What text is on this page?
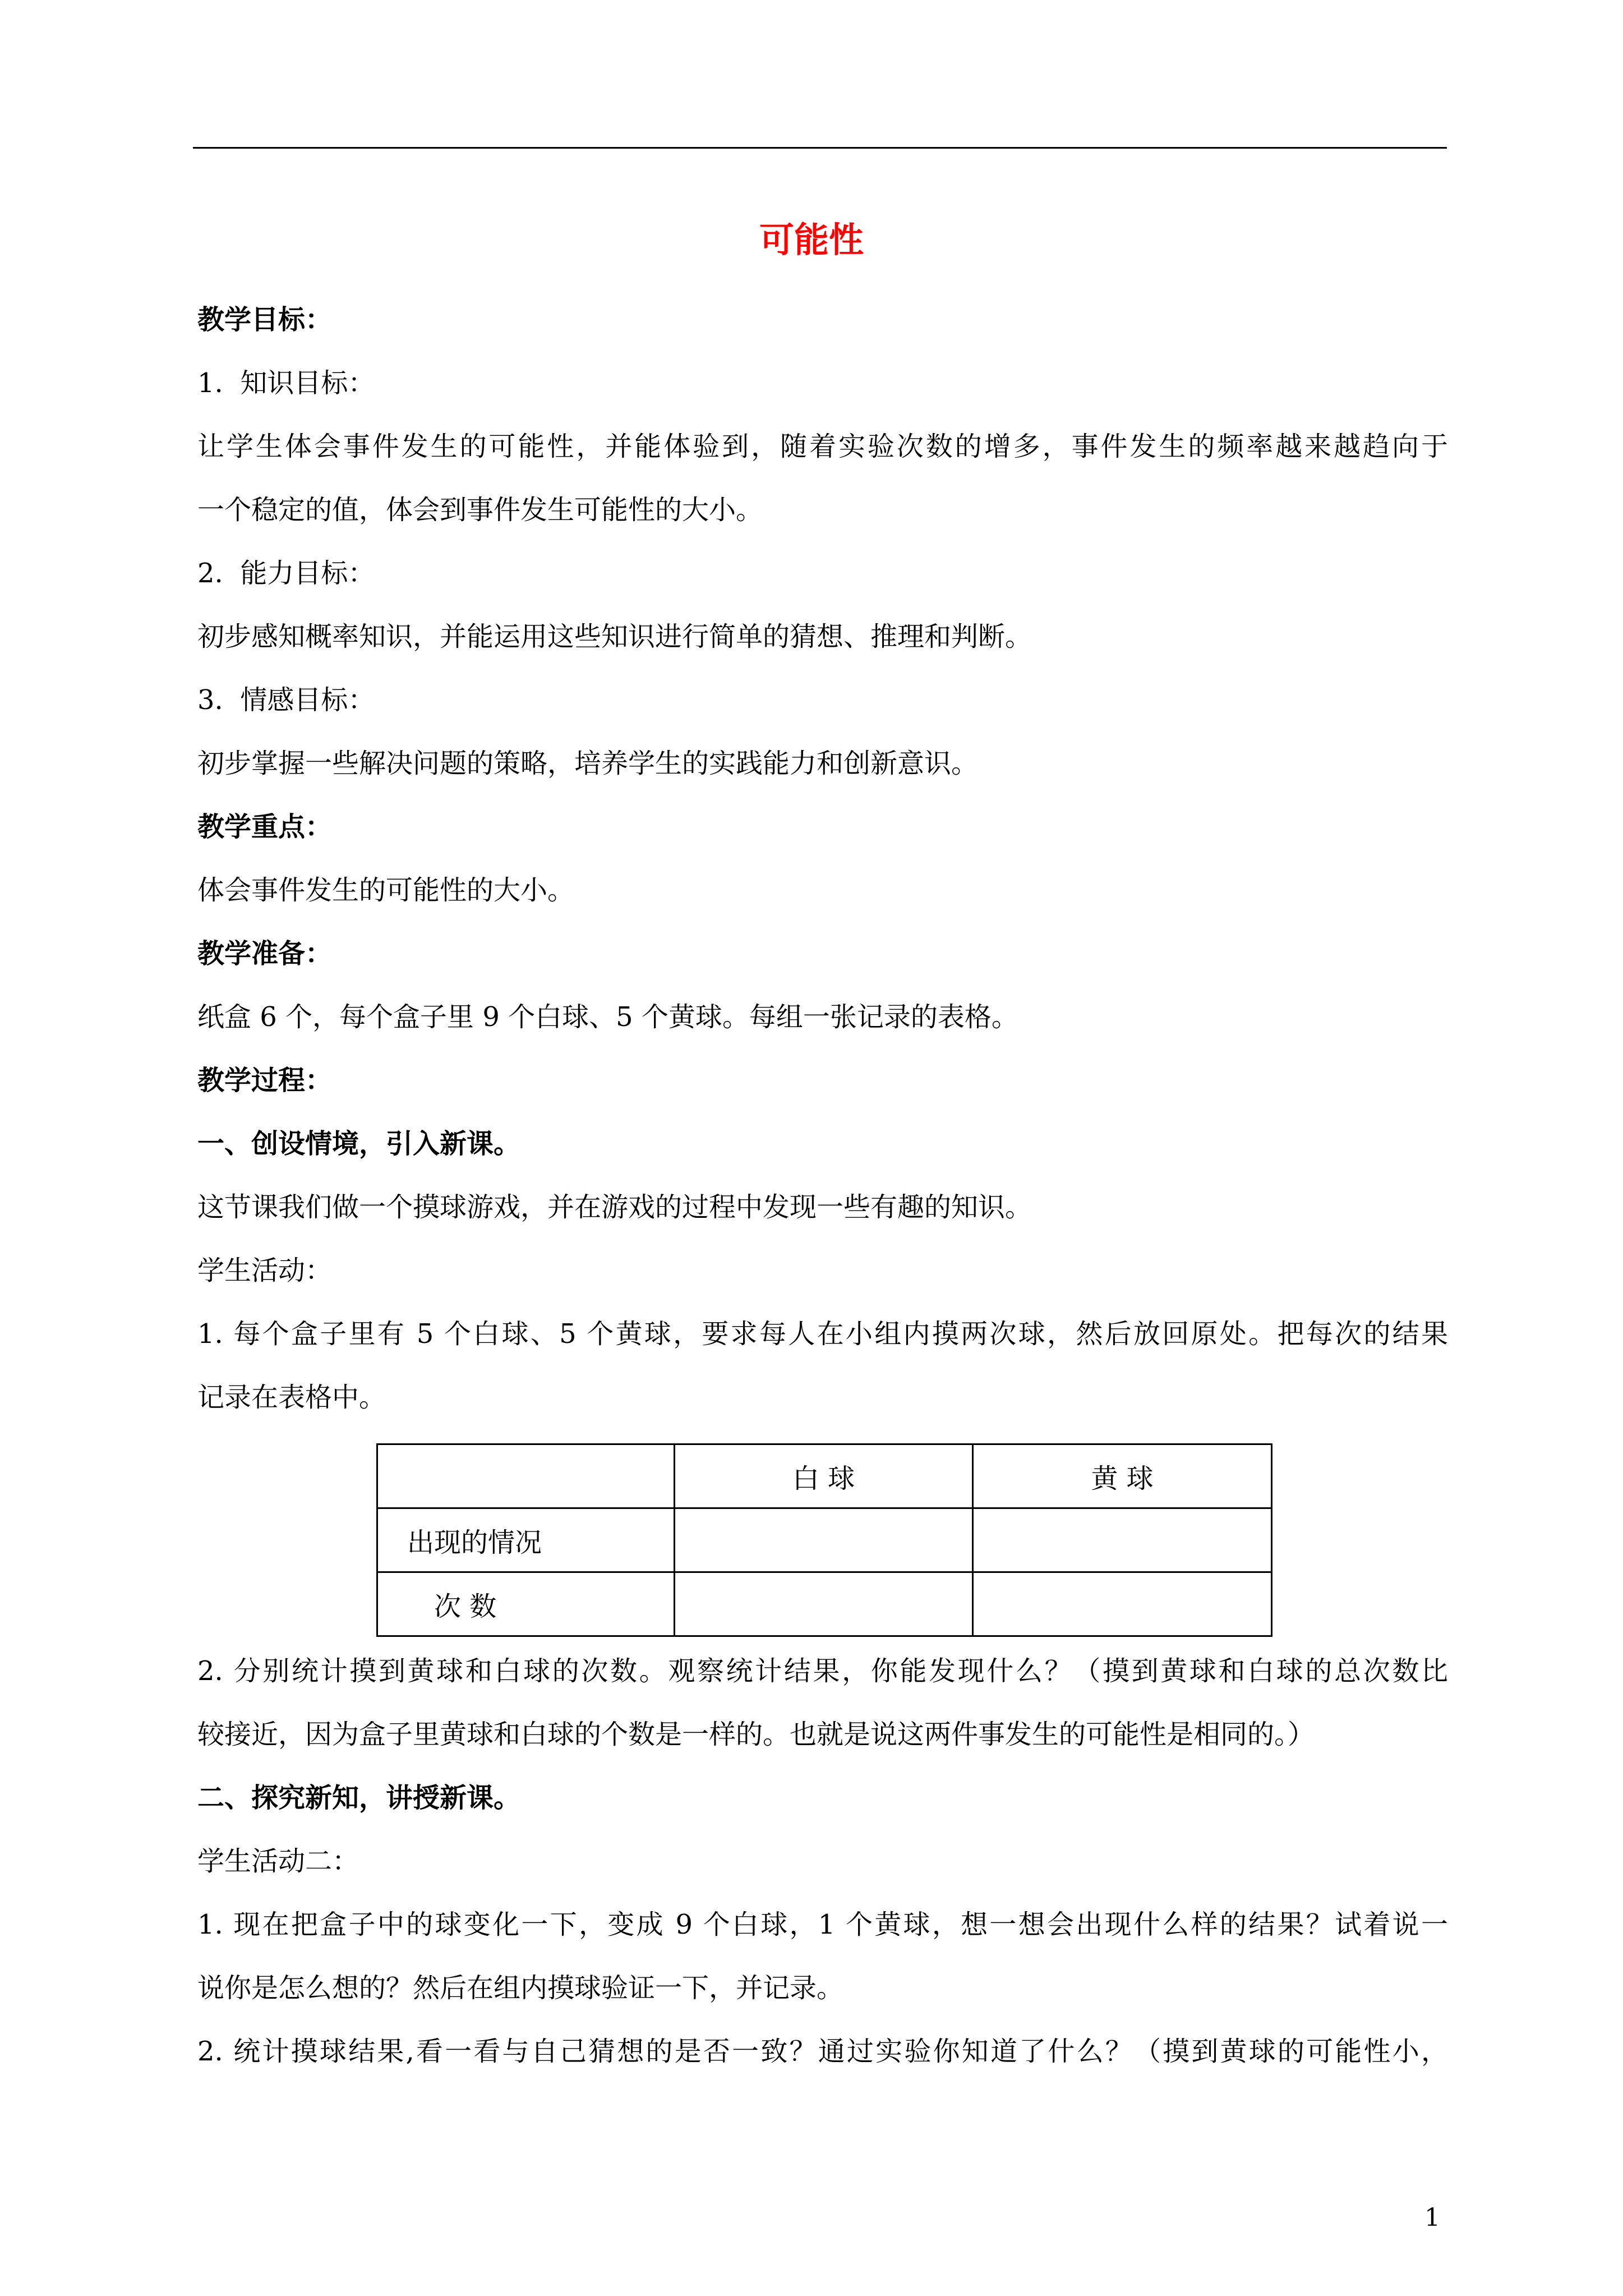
可能性
教学目标：
1.  知识目标：
让学生体会事件发生的可能性，并能体验到，随着实验次数的增多，事件发生的频率越来越趋向于
一个稳定的值，体会到事件发生可能性的大小。
2.  能力目标：
初步感知概率知识，并能运用这些知识进行简单的猜想、推理和判断。
3.  情感目标：
初步掌握一些解决问题的策略，培养学生的实践能力和创新意识。
教学重点：
体会事件发生的可能性的大小。
教学准备：
纸盒 6 个，每个盒子里 9 个白球、5 个黄球。每组一张记录的表格。
教学过程：
一、创设情境，引入新课。
这节课我们做一个摸球游戏，并在游戏的过程中发现一些有趣的知识。
学生活动：
1. 每个盒子里有 5 个白球、5 个黄球，要求每人在小组内摸两次球，然后放回原处。把每次的结果
记录在表格中。
	白 球	黄 球
出现的情况		
次 数		
2. 分别统计摸到黄球和白球的次数。观察统计结果，你能发现什么？（摸到黄球和白球的总次数比
较接近，因为盒子里黄球和白球的个数是一样的。也就是说这两件事发生的可能性是相同的。）
二、探究新知，讲授新课。
学生活动二：
1. 现在把盒子中的球变化一下，变成 9 个白球，1 个黄球，想一想会出现什么样的结果？试着说一
说你是怎么想的？然后在组内摸球验证一下，并记录。
2. 统计摸球结果,看一看与自己猜想的是否一致？通过实验你知道了什么？（摸到黄球的可能性小，
1
